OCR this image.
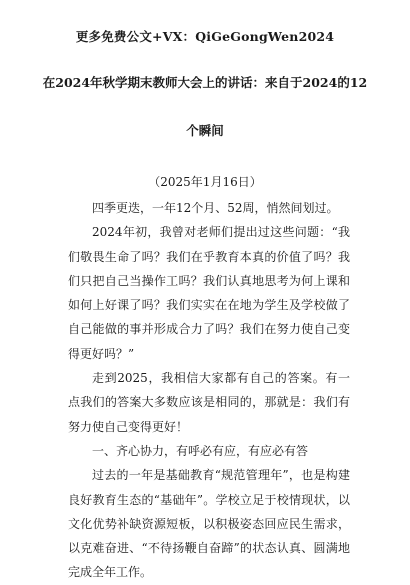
更多免费公文+VX：QiGeGongWen2024
在2024年秋学期末教师大会上的讲话：来自于2024的12
个瞬间
（2025年1月16日）

四季更迭，一年12个月、52周，悄然间划过。

2024年初，我曾对老师们提出过这些问题：“我们敬畏生命了吗？我们在乎教育本真的价值了吗？我们只把自己当操作工吗？我们认真地思考为何上课和如何上好课了吗？我们实实在在地为学生及学校做了自己能做的事并形成合力了吗？我们在努力使自己变得更好吗？”

走到2025，我相信大家都有自己的答案。有一点我们的答案大多数应该是相同的，那就是：我们有努力使自己变得更好！

一、齐心协力，有呼必有应，有应必有答

过去的一年是基础教育“规范管理年”，也是构建良好教育生态的“基础年”。学校立足于校情现状，以文化优势补缺资源短板，以积极姿态回应民生需求，以克难奋进、“不待扬鞭自奋蹄”的状态认真、圆满地完成全年工作。
